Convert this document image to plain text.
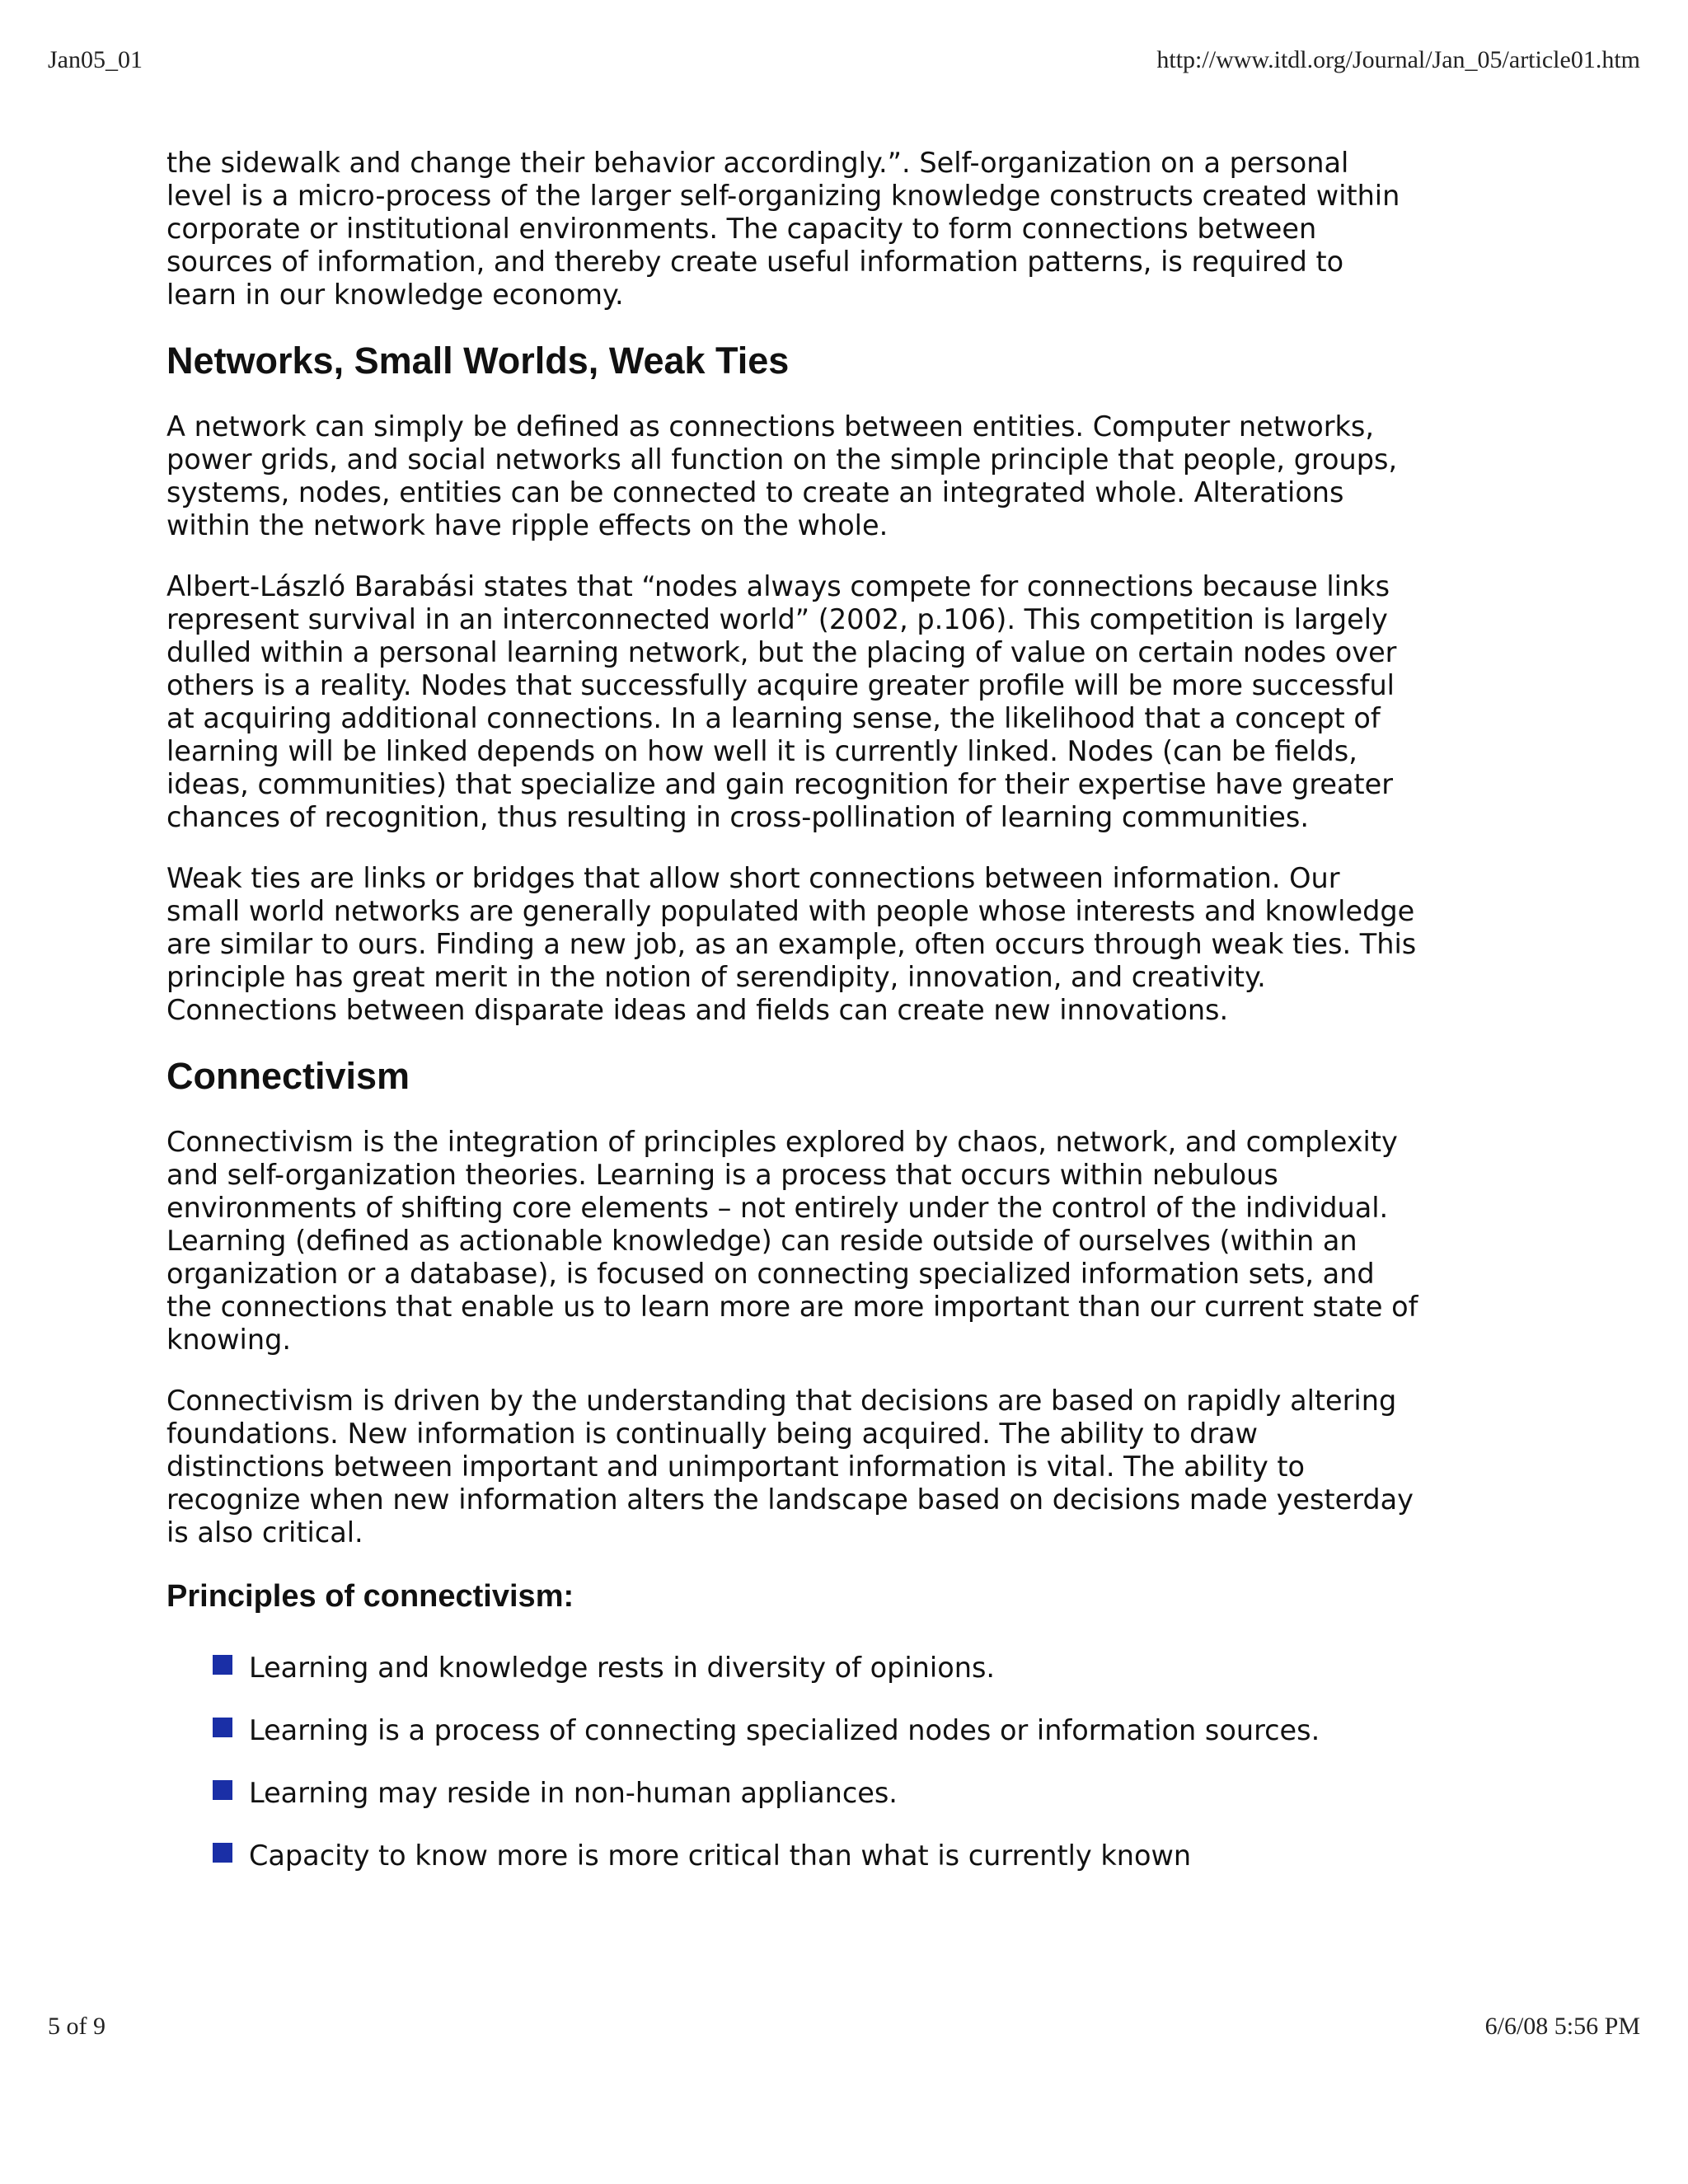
Jan05_01	http://www.itdl.org/Journal/Jan_05/article01.htm

the sidewalk and change their behavior accordingly.”. Self-organization on a personal level is a micro-process of the larger self-organizing knowledge constructs created within corporate or institutional environments. The capacity to form connections between sources of information, and thereby create useful information patterns, is required to learn in our knowledge economy.

Networks, Small Worlds, Weak Ties

A network can simply be defined as connections between entities. Computer networks, power grids, and social networks all function on the simple principle that people, groups, systems, nodes, entities can be connected to create an integrated whole. Alterations within the network have ripple effects on the whole.

Albert-László Barabási states that “nodes always compete for connections because links represent survival in an interconnected world” (2002, p.106). This competition is largely dulled within a personal learning network, but the placing of value on certain nodes over others is a reality. Nodes that successfully acquire greater profile will be more successful at acquiring additional connections. In a learning sense, the likelihood that a concept of learning will be linked depends on how well it is currently linked. Nodes (can be fields, ideas, communities) that specialize and gain recognition for their expertise have greater chances of recognition, thus resulting in cross-pollination of learning communities.

Weak ties are links or bridges that allow short connections between information. Our small world networks are generally populated with people whose interests and knowledge are similar to ours. Finding a new job, as an example, often occurs through weak ties. This principle has great merit in the notion of serendipity, innovation, and creativity. Connections between disparate ideas and fields can create new innovations.

Connectivism

Connectivism is the integration of principles explored by chaos, network, and complexity and self-organization theories. Learning is a process that occurs within nebulous environments of shifting core elements – not entirely under the control of the individual. Learning (defined as actionable knowledge) can reside outside of ourselves (within an organization or a database), is focused on connecting specialized information sets, and the connections that enable us to learn more are more important than our current state of knowing.

Connectivism is driven by the understanding that decisions are based on rapidly altering foundations. New information is continually being acquired. The ability to draw distinctions between important and unimportant information is vital. The ability to recognize when new information alters the landscape based on decisions made yesterday is also critical.

Principles of connectivism:
Learning and knowledge rests in diversity of opinions.
Learning is a process of connecting specialized nodes or information sources.
Learning may reside in non-human appliances.
Capacity to know more is more critical than what is currently known
5 of 9	6/6/08 5:56 PM
